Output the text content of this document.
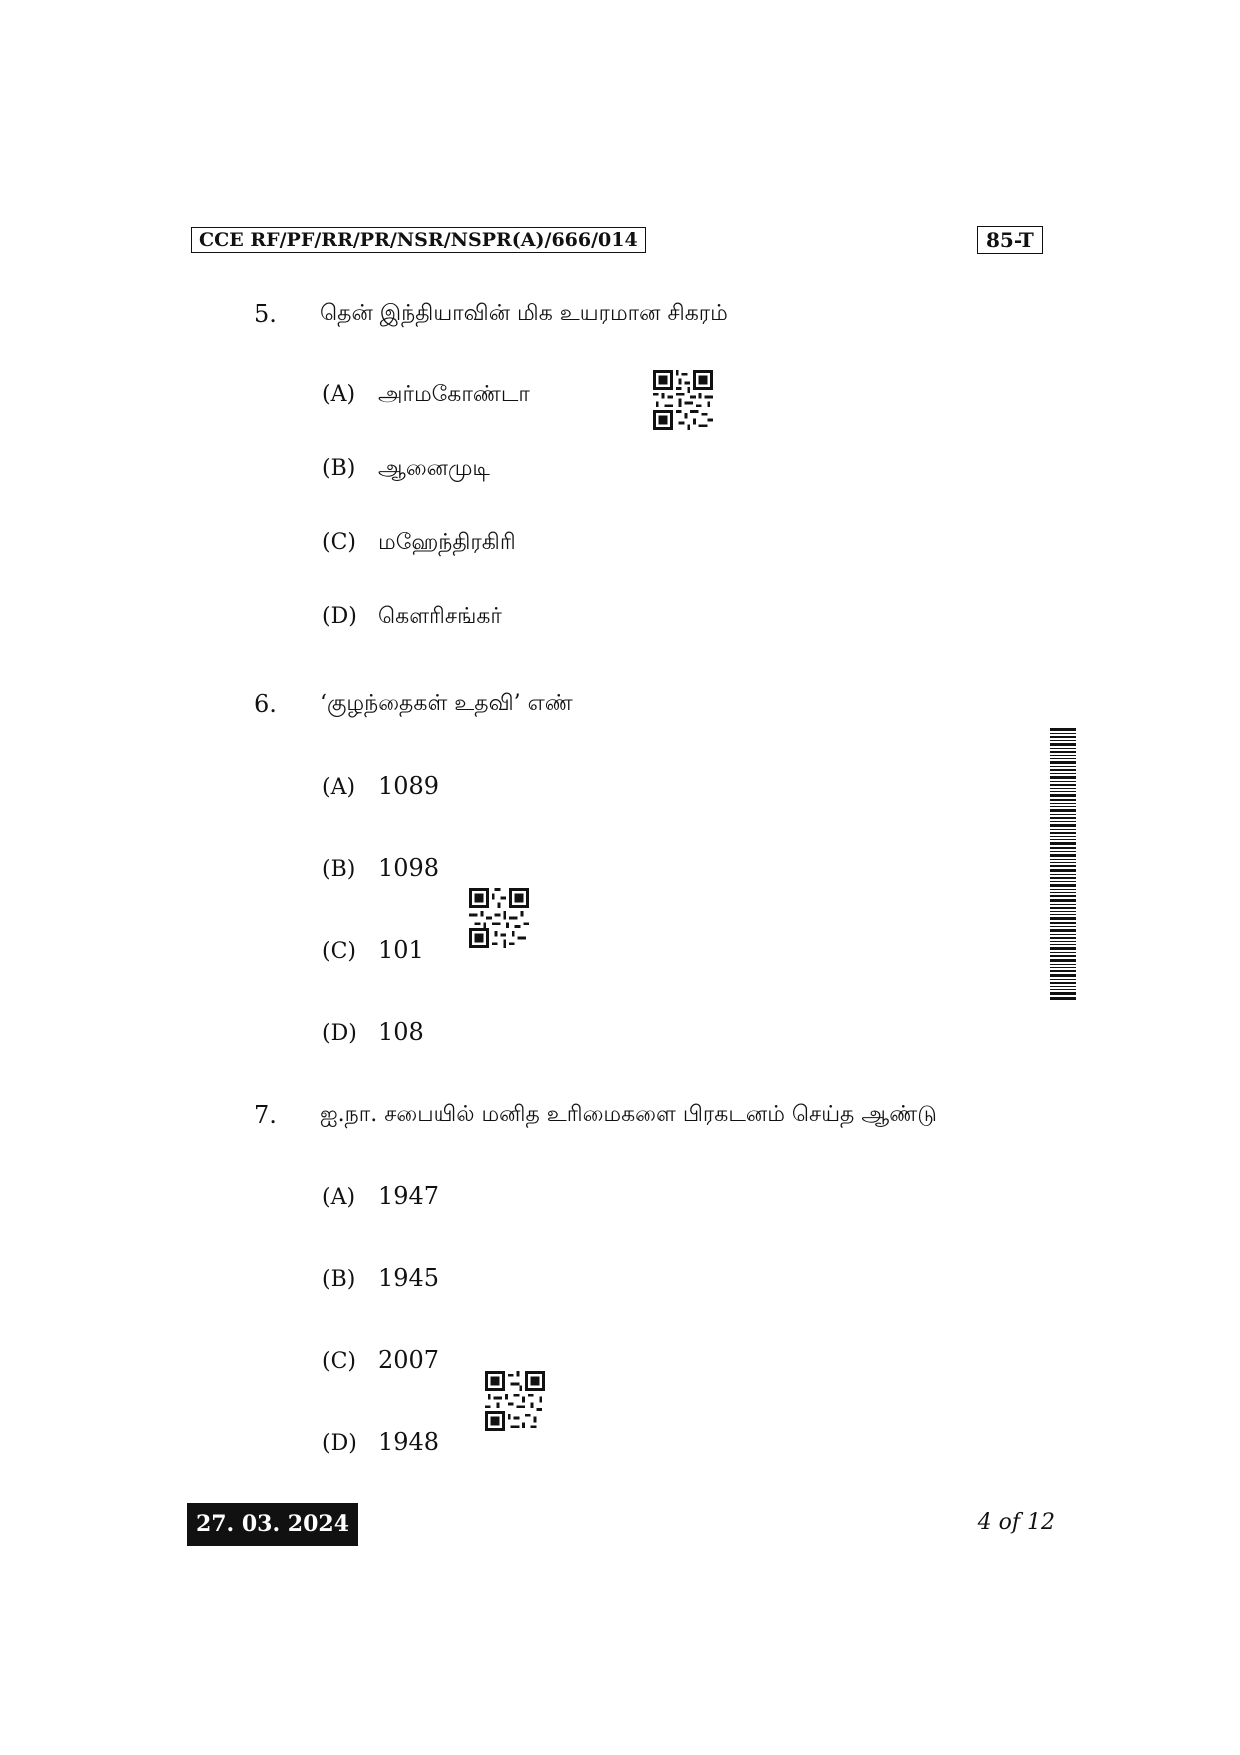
CCE RF/PF/RR/PR/NSR/NSPR(A)/666/014	85-T
5. தென் இந்தியாவின் மிக உயரமான சிகரம்
(A) அர்மகோண்டா
(B) ஆனைமுடி
(C) மஹேந்திரகிரி
(D) கௌரிசங்கர்
6. ‘குழந்தைகள் உதவி’ எண்
(A) 1089
(B) 1098
(C) 101
(D) 108
7. ஐ.நா. சபையில் மனித உரிமைகளை பிரகடனம் செய்த ஆண்டு
(A) 1947
(B) 1945
(C) 2007
(D) 1948
27. 03. 2024	4 of 12
